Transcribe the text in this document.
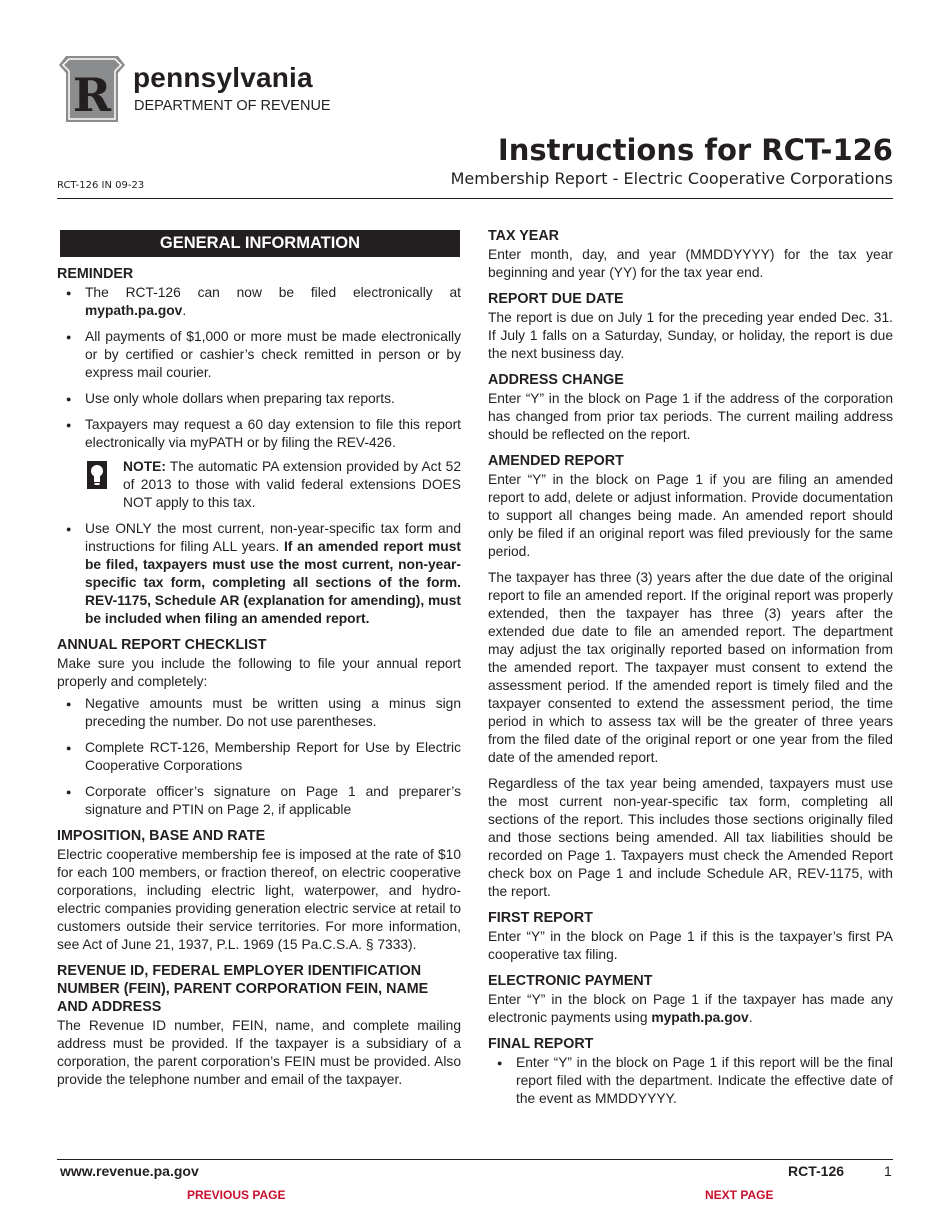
R pennsylvania
DEPARTMENT OF REVENUE
Instructions for RCT-126
Membership Report - Electric Cooperative Corporations
RCT-126 IN 09-23
GENERAL INFORMATION
REMINDER
● The RCT-126 can now be filed electronically at mypath.pa.gov.
● All payments of $1,000 or more must be made electronically or by certified or cashier’s check remitted in person or by express mail courier.
● Use only whole dollars when preparing tax reports.
● Taxpayers may request a 60 day extension to file this report electronically via myPATH or by filing the REV-426.
NOTE: The automatic PA extension provided by Act 52 of 2013 to those with valid federal extensions DOES NOT apply to this tax.
● Use ONLY the most current, non-year-specific tax form and instructions for filing ALL years. If an amended report must be filed, taxpayers must use the most current, non-year-specific tax form, completing all sections of the form. REV-1175, Schedule AR (explanation for amending), must be included when filing an amended report.
ANNUAL REPORT CHECKLIST

Make sure you include the following to file your annual report properly and completely:

● Negative amounts must be written using a minus sign preceding the number. Do not use parentheses.
● Complete RCT-126, Membership Report for Use by Electric Cooperative Corporations
● Corporate officer’s signature on Page 1 and preparer’s signature and PTIN on Page 2, if applicable
IMPOSITION, BASE AND RATE

Electric cooperative membership fee is imposed at the rate of $10 for each 100 members, or fraction thereof, on electric cooperative corporations, including electric light, waterpower, and hydro-electric companies providing generation electric service at retail to customers outside their service territories. For more information, see Act of June 21, 1937, P.L. 1969 (15 Pa.C.S.A. § 7333).

REVENUE ID, FEDERAL EMPLOYER IDENTIFICATION NUMBER (FEIN), PARENT CORPORATION FEIN, NAME AND ADDRESS

The Revenue ID number, FEIN, name, and complete mailing address must be provided. If the taxpayer is a subsidiary of a corporation, the parent corporation’s FEIN must be provided. Also provide the telephone number and email of the taxpayer.

TAX YEAR

Enter month, day, and year (MMDDYYYY) for the tax year beginning and year (YY) for the tax year end.

REPORT DUE DATE

The report is due on July 1 for the preceding year ended Dec. 31. If July 1 falls on a Saturday, Sunday, or holiday, the report is due the next business day.

ADDRESS CHANGE

Enter “Y” in the block on Page 1 if the address of the corporation has changed from prior tax periods. The current mailing address should be reflected on the report.

AMENDED REPORT

Enter “Y” in the block on Page 1 if you are filing an amended report to add, delete or adjust information. Provide documentation to support all changes being made. An amended report should only be filed if an original report was filed previously for the same period.

The taxpayer has three (3) years after the due date of the original report to file an amended report. If the original report was properly extended, then the taxpayer has three (3) years after the extended due date to file an amended report. The department may adjust the tax originally reported based on information from the amended report. The taxpayer must consent to extend the assessment period. If the amended report is timely filed and the taxpayer consented to extend the assessment period, the time period in which to assess tax will be the greater of three years from the filed date of the original report or one year from the filed date of the amended report.

Regardless of the tax year being amended, taxpayers must use the most current non-year-specific tax form, completing all sections of the report. This includes those sections originally filed and those sections being amended. All tax liabilities should be recorded on Page 1. Taxpayers must check the Amended Report check box on Page 1 and include Schedule AR, REV-1175, with the report.

FIRST REPORT

Enter “Y” in the block on Page 1 if this is the taxpayer’s first PA cooperative tax filing.

ELECTRONIC PAYMENT

Enter “Y” in the block on Page 1 if the taxpayer has made any electronic payments using mypath.pa.gov.

FINAL REPORT
● Enter “Y” in the block on Page 1 if this report will be the final report filed with the department. Indicate the effective date of the event as MMDDYYYY.
www.revenue.pa.gov	RCT-126	1
PREVIOUS PAGE	NEXT PAGE
